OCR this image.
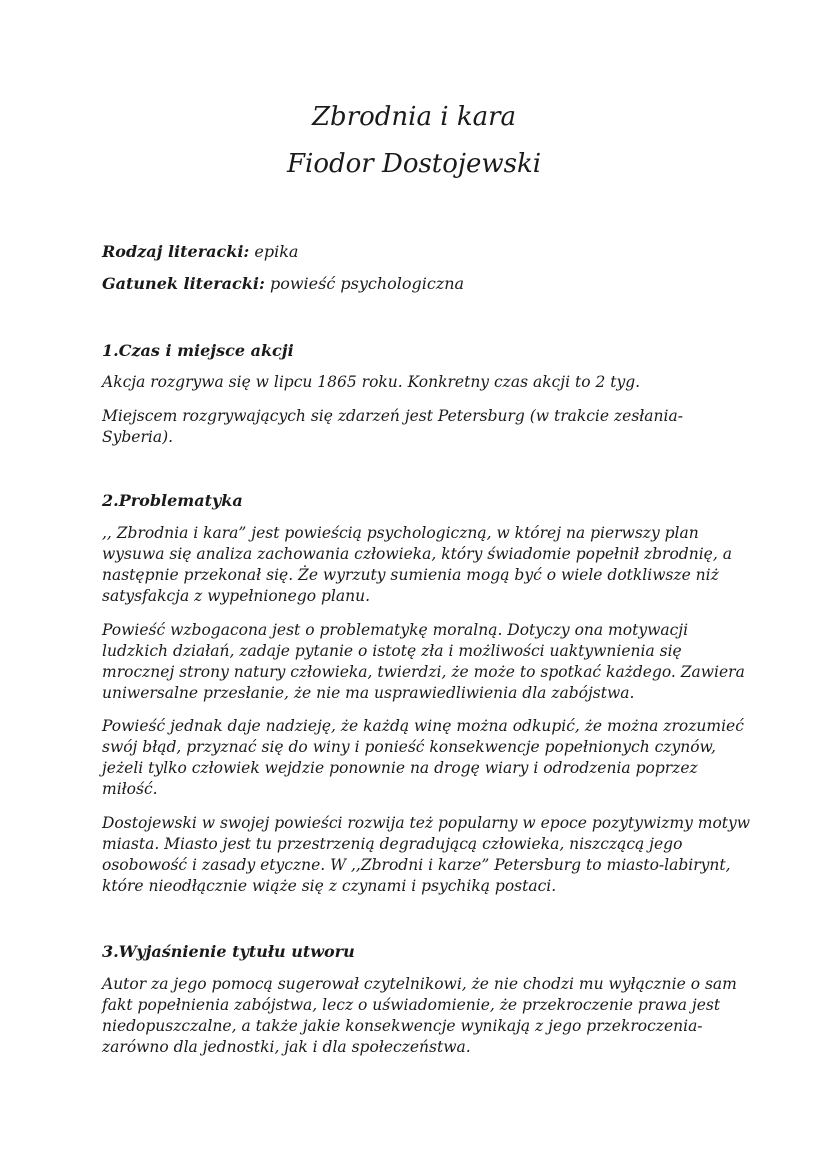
Zbrodnia i kara
Fiodor Dostojewski
Rodzaj literacki: epika
Gatunek literacki: powieść psychologiczna
1.Czas i miejsce akcji

Akcja rozgrywa się w lipcu 1865 roku. Konkretny czas akcji to 2 tyg.

Miejscem rozgrywających się zdarzeń jest Petersburg (w trakcie zesłania-
Syberia).

2.Problematyka

,, Zbrodnia i kara” jest powieścią psychologiczną, w której na pierwszy plan
wysuwa się analiza zachowania człowieka, który świadomie popełnił zbrodnię, a
następnie przekonał się. Że wyrzuty sumienia mogą być o wiele dotkliwsze niż
satysfakcja z wypełnionego planu.

Powieść wzbogacona jest o problematykę moralną. Dotyczy ona motywacji
ludzkich działań, zadaje pytanie o istotę zła i możliwości uaktywnienia się
mrocznej strony natury człowieka, twierdzi, że może to spotkać każdego. Zawiera
uniwersalne przesłanie, że nie ma usprawiedliwienia dla zabójstwa.

Powieść jednak daje nadzieję, że każdą winę można odkupić, że można zrozumieć
swój błąd, przyznać się do winy i ponieść konsekwencje popełnionych czynów,
jeżeli tylko człowiek wejdzie ponownie na drogę wiary i odrodzenia poprzez
miłość.

Dostojewski w swojej powieści rozwija też popularny w epoce pozytywizmy motyw
miasta. Miasto jest tu przestrzenią degradującą człowieka, niszczącą jego
osobowość i zasady etyczne. W ,,Zbrodni i karze” Petersburg to miasto-labirynt,
które nieodłącznie wiąże się z czynami i psychiką postaci.

3.Wyjaśnienie tytułu utworu

Autor za jego pomocą sugerował czytelnikowi, że nie chodzi mu wyłącznie o sam
fakt popełnienia zabójstwa, lecz o uświadomienie, że przekroczenie prawa jest
niedopuszczalne, a także jakie konsekwencje wynikają z jego przekroczenia-
zarówno dla jednostki, jak i dla społeczeństwa.
